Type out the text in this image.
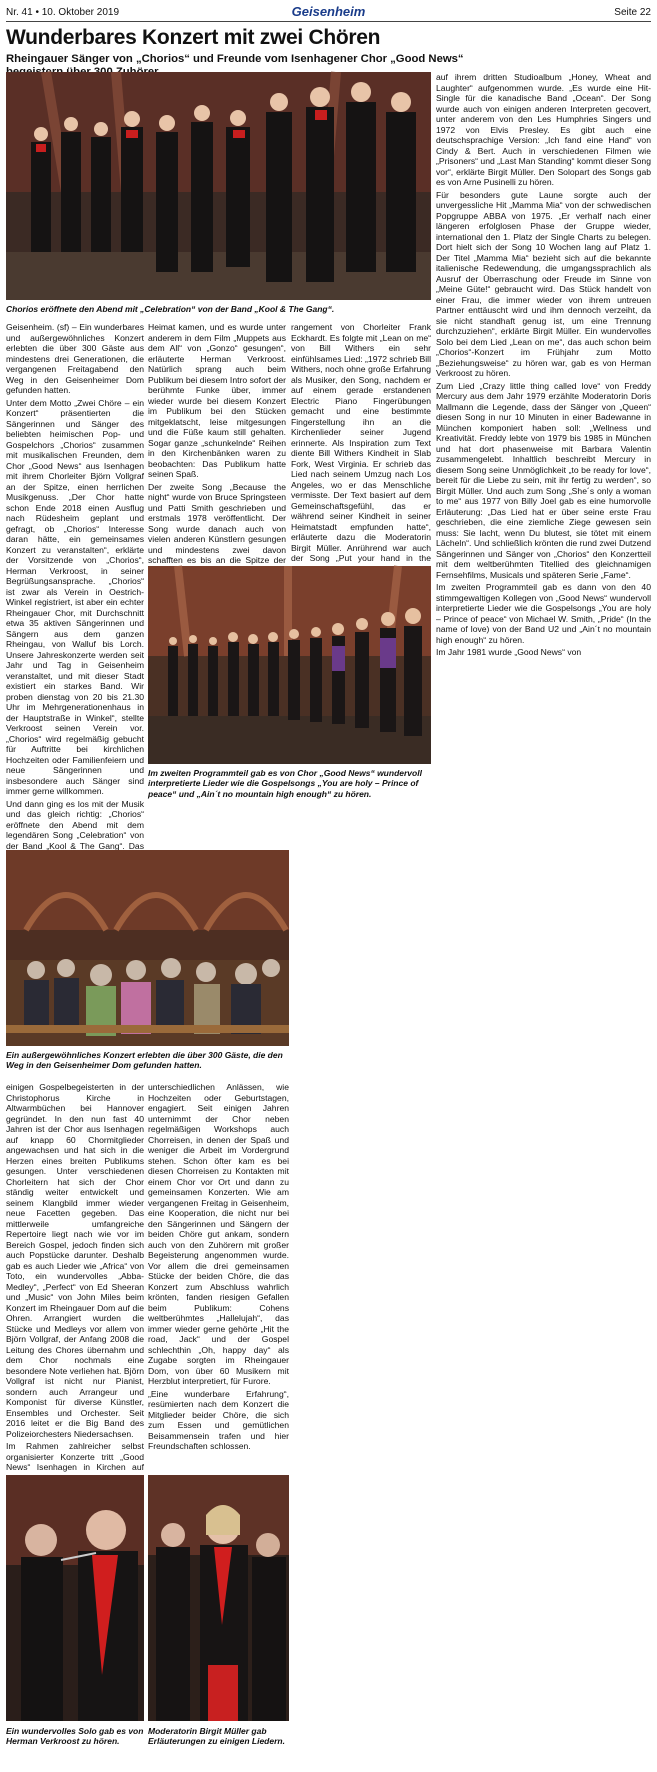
Nr. 41 • 10. Oktober 2019	Geisenheim	Seite 22
Wunderbares Konzert mit zwei Chören
Rheingauer Sänger von „Chorios“ und Freunde vom Isenhagener Chor „Good News“
Chorios eröffnete den Abend mit „Celebration“ von der Band „Kool & The Gang“.

auf ihrem dritten Studioalbum „Honey, Wheat and Laughter“ aufgenommen wurde. „Es wurde eine Hit-Single für die kanadische Band „Ocean“. Der Song wurde auch von einigen anderen Interpreten gecovert, unter anderem von den Les Humphries Singers und 1972 von Elvis Presley. Es gibt auch eine deutschsprachige Version: „Ich fand eine Hand“ von Cindy & Bert. Auch in verschiedenen Filmen wie „Prisoners“ und „Last Man Standing“ kommt dieser Song vor“, erklärte Birgit Müller. Den Solopart des Songs gab es von Arne Pusinelli zu hören.

Für besonders gute Laune sorgte auch der unvergessliche Hit „Mamma Mia“ von der schwedischen Popgruppe ABBA von 1975. „Er verhalf nach einer längeren erfolglosen Phase der Gruppe wieder, international den 1. Platz der Single Charts zu belegen. Dort hielt sich der Song 10 Wochen lang auf Platz 1. Der Titel „Mamma Mia“ bezieht sich auf die bekannte italienische Redewendung, die umgangssprachlich als Ausruf der Überraschung oder Freude im Sinne von „Meine Güte!“ gebraucht wird. Das Stück handelt von einer Frau, die immer wieder von ihrem untreuen Partner enttäuscht wird und ihm dennoch verzeiht, da sie nicht standhaft genug ist, um eine Trennung durchzuziehen“, erklärte Birgit Müller. Ein wundervolles Solo bei dem Lied „Lean on me“, das auch schon beim „Chorios“-Konzert im Frühjahr zum Motto „Beziehungsweise“ zu hören war, gab es von Herman Verkroost zu hören.

Zum Lied „Crazy little thing called love“ von Freddy Mercury aus dem Jahr 1979 erzählte Moderatorin Doris Mallmann die Legende, dass der Sänger von „Queen“ diesen Song in nur 10 Minuten in einer Badewanne in München komponiert haben soll: „Wellness und Kreativität. Freddy lebte von 1979 bis 1985 in München und hat dort phasenweise mit Barbara Valentin zusammengelebt. Inhaltlich beschreibt Mercury in diesem Song seine Unmöglichkeit „to be ready for love“, bereit für die Liebe zu sein, mit ihr fertig zu werden“, so Birgit Müller. Und auch zum Song „She´s only a woman to me“ aus 1977 von Billy Joel gab es eine humorvolle Erläuterung: „Das Lied hat er über seine erste Frau geschrieben, die eine ziemliche Ziege gewesen sein muss: Sie lacht, wenn Du blutest, sie tötet mit einem Lächeln“. Und schließlich krönten die rund zwei Dutzend Sängerinnen und Sänger von „Chorios“ den Konzertteil mit dem weltberühmten Titellied des gleichnamigen Fernsehfilms, Musicals und späteren Serie „Fame“.

Im zweiten Programmteil gab es dann von den 40 stimmgewaltigen Kollegen von „Good News“ wundervoll interpretierte Lieder wie die Gospelsongs „You are holy – Prince of peace“ von Michael W. Smith, „Pride“ (In the name of love) von der Band U2 und „Ain´t no mountain high enough“ zu hören.

Im Jahr 1981 wurde „Good News“ von

Geisenheim. (sf) – Ein wunderbares und außergewöhnliches Konzert erlebten die über 300 Gäste aus mindestens drei Generationen, die vergangenen Freitagabend den Weg in den Geisenheimer Dom gefunden hatten.

Unter dem Motto „Zwei Chöre – ein Konzert“ präsentierten die Sängerinnen und Sänger des beliebten heimischen Pop- und Gospelchors „Chorios“ zusammen mit musikalischen Freunden, dem Chor „Good News“ aus Isenhagen mit ihrem Chorleiter Björn Vollgraf an der Spitze, einen herrlichen Musikgenuss. „Der Chor hatte schon Ende 2018 einen Ausflug nach Rüdesheim geplant und gefragt, ob „Chorios“ Interesse daran hätte, ein gemeinsames Konzert zu veranstalten“, erklärte der Vorsitzende von „Chorios“, Herman Verkroost, in seiner Begrüßungsansprache. „Chorios“ ist zwar als Verein in Oestrich-Winkel registriert, ist aber ein echter Rheingauer Chor, mit Durchschnitt etwa 35 aktiven Sängerinnen und Sängern aus dem ganzen Rheingau, von Walluf bis Lorch. Unsere Jahreskonzerte werden seit Jahr und Tag in Geisenheim veranstaltet, und mit dieser Stadt existiert ein starkes Band. Wir proben dienstag von 20 bis 21.30 Uhr im Mehrgenerationenhaus in der Hauptstraße in Winkel“, stellte Verkroost seinen Verein vor. „Chorios“ wird regelmäßig gebucht für Auftritte bei kirchlichen Hochzeiten oder Familienfeiern und neue Sängerinnen und insbesondere auch Sänger sind immer gerne willkommen.

Und dann ging es los mit der Musik und das gleich richtig: „Chorios“ eröffnete den Abend mit dem legendären Song „Celebration“ von der Band „Kool & The Gang“. Das

Heimat kamen, und es wurde unter anderem in dem Film „Muppets aus dem All“ von „Gonzo“ gesungen“, erläuterte Herman Verkroost. Natürlich sprang auch beim Publikum bei diesem Intro sofort der berühmte Funke über, immer wieder wurde bei diesem Konzert im Publikum bei den Stücken mitgeklatscht, leise mitgesungen und die Füße kaum still gehalten. Sogar ganze „schunkelnde“ Reihen in den Kirchenbänken waren zu beobachten: Das Publikum hatte seinen Spaß.

Der zweite Song „Because the night“ wurde von Bruce Springsteen und Patti Smith geschrieben und erstmals 1978 veröffentlicht. Der Song wurde danach auch von vielen anderen Künstlern gesungen und mindestens zwei davon schafften es bis an die Spitze der

rangement von Chorleiter Frank Eckhardt. Es folgte mit „Lean on me“ von Bill Withers ein sehr einfühlsames Lied: „1972 schrieb Bill Withers, noch ohne große Erfahrung als Musiker, den Song, nachdem er auf einem gerade erstandenen Electric Piano Fingerübungen gemacht und eine bestimmte Fingerstellung ihn an die Kirchenlieder seiner Jugend erinnerte. Als Inspiration zum Text diente Bill Withers Kindheit in Slab Fork, West Virginia. Er schrieb das Lied nach seinem Umzug nach Los Angeles, wo er das Menschliche vermisste. Der Text basiert auf dem Gemeinschaftsgefühl, das er während seiner Kindheit in seiner Heimatstadt empfunden hatte“, erläuterte dazu die Moderatorin Birgit Müller. Anrührend war auch der Song „Put your hand in the

Im zweiten Programmteil gab es von Chor „Good News“ wundervoll interpretierte Lieder wie die Gospelsongs „You are holy – Prince of peace“ und „Ain´t no mountain high enough“ zu hören.
Ein außergewöhnliches Konzert erlebten die über 300 Gäste, die den Weg in den Geisenheimer Dom gefunden hatten.

einigen Gospelbegeisterten in der Christophorus Kirche in Altwarmbüchen bei Hannover gegründet. In den nun fast 40 Jahren ist der Chor aus Isenhagen auf knapp 60 Chormitglieder angewachsen und hat sich in die Herzen eines breiten Publikums gesungen. Unter verschiedenen Chorleitern hat sich der Chor ständig weiter entwickelt und seinem Klangbild immer wieder neue Facetten gegeben. Das mittlerweile umfangreiche Repertoire liegt nach wie vor im Bereich Gospel, jedoch finden sich auch Popstücke darunter. Deshalb gab es auch Lieder wie „Africa“ von Toto, ein wundervolles „Abba-Medley“, „Perfect“ von Ed Sheeran und „Music“ von John Miles beim Konzert im Rheingauer Dom auf die Ohren. Arrangiert wurden die Stücke und Medleys vor allem von Björn Vollgraf, der Anfang 2008 die Leitung des Chores übernahm und dem Chor nochmals eine besondere Note verliehen hat. Björn Vollgraf ist nicht nur Pianist, sondern auch Arrangeur und Komponist für diverse Künstler, Ensembles und Orchester. Seit 2016 leitet er die Big Band des Polizeiorchesters Niedersachsen.

Im Rahmen zahlreicher selbst organisierter Konzerte tritt „Good News“ Isenhagen in Kirchen auf

unterschiedlichen Anlässen, wie Hochzeiten oder Geburtstagen, engagiert. Seit einigen Jahren unternimmt der Chor neben regelmäßigen Workshops auch Chorreisen, in denen der Spaß und weniger die Arbeit im Vordergrund stehen. Schon öfter kam es bei diesen Chorreisen zu Kontakten mit einem Chor vor Ort und dann zu gemeinsamen Konzerten. Wie am vergangenen Freitag in Geisenheim, eine Kooperation, die nicht nur bei den Sängerinnen und Sängern der beiden Chöre gut ankam, sondern auch von den Zuhörern mit großer Begeisterung angenommen wurde. Vor allem die drei gemeinsamen Stücke der beiden Chöre, die das Konzert zum Abschluss wahrlich krönten, fanden riesigen Gefallen beim Publikum: Cohens weltberühmtes „Hallelujah“, das immer wieder gerne gehörte „Hit the road, Jack“ und der Gospel schlechthin „Oh, happy day“ als Zugabe sorgten im Rheingauer Dom, von über 60 Musikern mit Herzblut interpretiert, für Furore.

„Eine wunderbare Erfahrung“, resümierten nach dem Konzert die Mitglieder beider Chöre, die sich zum Essen und gemütlichen Beisammensein trafen und hier Freundschaften schlossen.

Ein wundervolles Solo gab es von Herman Verkroost zu hören.
Moderatorin Birgit Müller gab Erläuterungen zu einigen Liedern.
